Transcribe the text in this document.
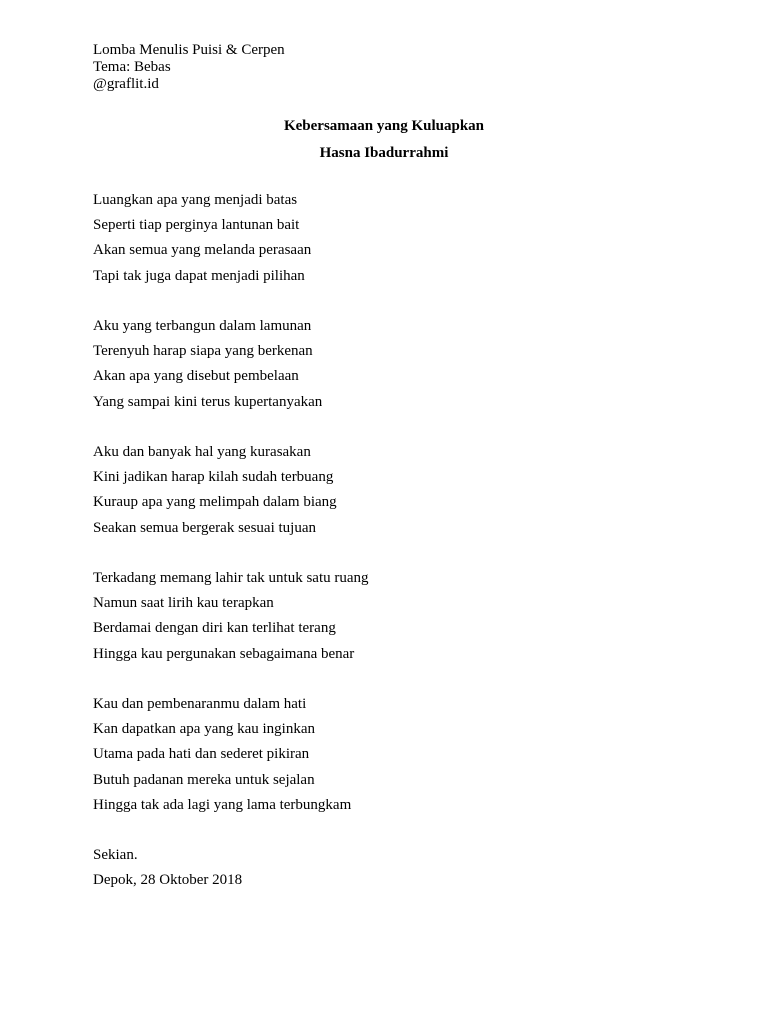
Lomba Menulis Puisi & Cerpen
Tema: Bebas
@graflit.id
Kebersamaan yang Kuluapkan
Hasna Ibadurrahmi
Luangkan apa yang menjadi batas
Seperti tiap perginya lantunan bait
Akan semua yang melanda perasaan
Tapi tak juga dapat menjadi pilihan
Aku yang terbangun dalam lamunan
Terenyuh harap siapa yang berkenan
Akan apa yang disebut pembelaan
Yang sampai kini terus kupertanyakan
Aku dan banyak hal yang kurasakan
Kini jadikan harap kilah sudah terbuang
Kuraup apa yang melimpah dalam biang
Seakan semua bergerak sesuai tujuan
Terkadang memang lahir tak untuk satu ruang
Namun saat lirih kau terapkan
Berdamai dengan diri kan terlihat terang
Hingga kau pergunakan sebagaimana benar
Kau dan pembenaranmu dalam hati
Kan dapatkan apa yang kau inginkan
Utama pada hati dan sederet pikiran
Butuh padanan mereka untuk sejalan
Hingga tak ada lagi yang lama terbungkam
Sekian.
Depok, 28 Oktober 2018
